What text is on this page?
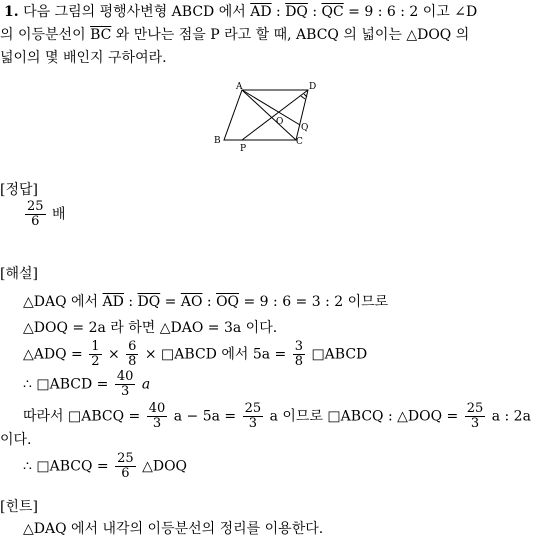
1. 다음 그림의 평행사변형 ABCD 에서 $\overline{AD}$ : $\overline{DQ}$ : $\overline{QC} = 9$ : 6 : 2 이고 ∠D
의 이등분선이 $\overline{BC}$ 와 만나는 점을 P 라고 할 때, ABCQ 의 넓이는 △DOQ 의
넓이의 몇 배인지 구하여라.
A	D
B	C
O
Q
P
[정답]
$\frac{25}{6}$ 배
[해설]
△DAQ 에서 $\overline{AD}$ : $\overline{DQ} = \overline{AO}$ : $\overline{OQ} = 9$ : 6 = 3 : 2 이므로
△DOQ = 2a 라 하면 △DAO = 3a 이다.
△ADQ = $\frac{1}{2} \times \frac{6}{8}$ × □ABCD 에서 $5a = \frac{3}{8}$ □ABCD
∴ □ABCD = $\frac{40}{3}$ a
따라서 □ABCQ = $\frac{40}{3}$ $a - 5a = \frac{25}{3}$ a 이므로 □ABCQ : △DOQ = $\frac{25}{3}$ a : 2a
이다.
∴ □ABCQ = $\frac{25}{6}$ △DOQ
[힌트]
△DAQ 에서 내각의 이등분선의 정리를 이용한다.
